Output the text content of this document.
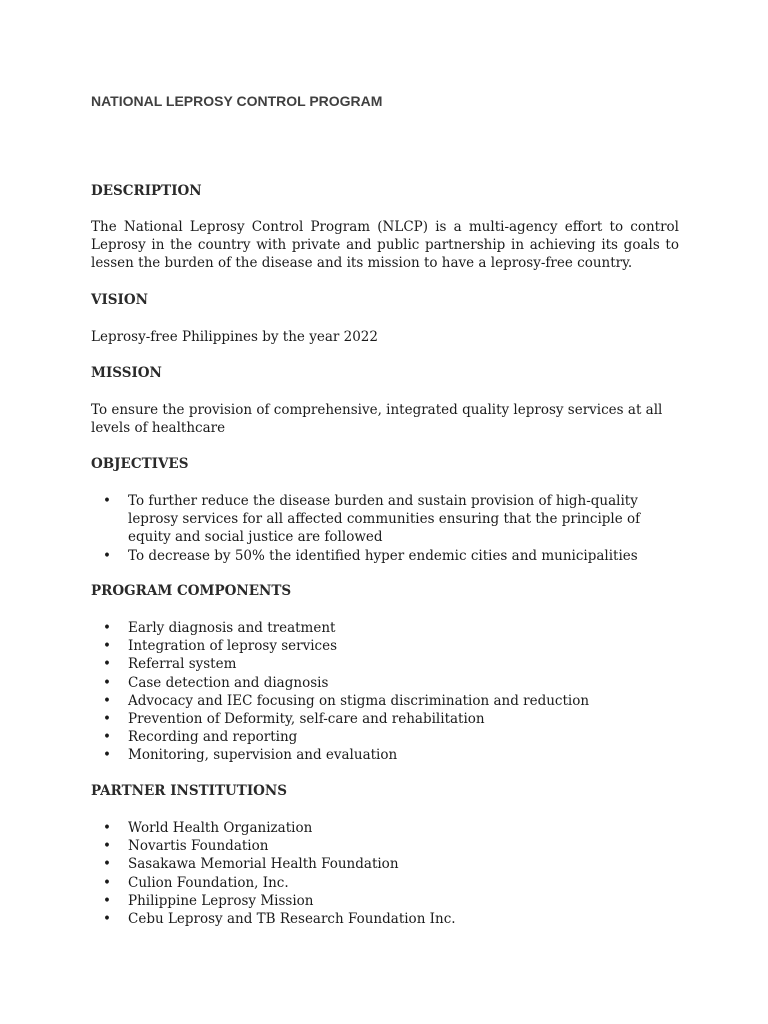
NATIONAL LEPROSY CONTROL PROGRAM
DESCRIPTION

The National Leprosy Control Program (NLCP) is a multi-agency effort to control Leprosy in the country with private and public partnership in achieving its goals to lessen the burden of the disease and its mission to have a leprosy-free country.

VISION

Leprosy-free Philippines by the year 2022

MISSION

To ensure the provision of comprehensive, integrated quality leprosy services at all levels of healthcare

OBJECTIVES
• To further reduce the disease burden and sustain provision of high-quality leprosy services for all affected communities ensuring that the principle of equity and social justice are followed
• To decrease by 50% the identified hyper endemic cities and municipalities
PROGRAM COMPONENTS
• Early diagnosis and treatment
• Integration of leprosy services
• Referral system
• Case detection and diagnosis
• Advocacy and IEC focusing on stigma discrimination and reduction
• Prevention of Deformity, self-care and rehabilitation
• Recording and reporting
• Monitoring, supervision and evaluation
PARTNER INSTITUTIONS
• World Health Organization
• Novartis Foundation
• Sasakawa Memorial Health Foundation
• Culion Foundation, Inc.
• Philippine Leprosy Mission
• Cebu Leprosy and TB Research Foundation Inc.
